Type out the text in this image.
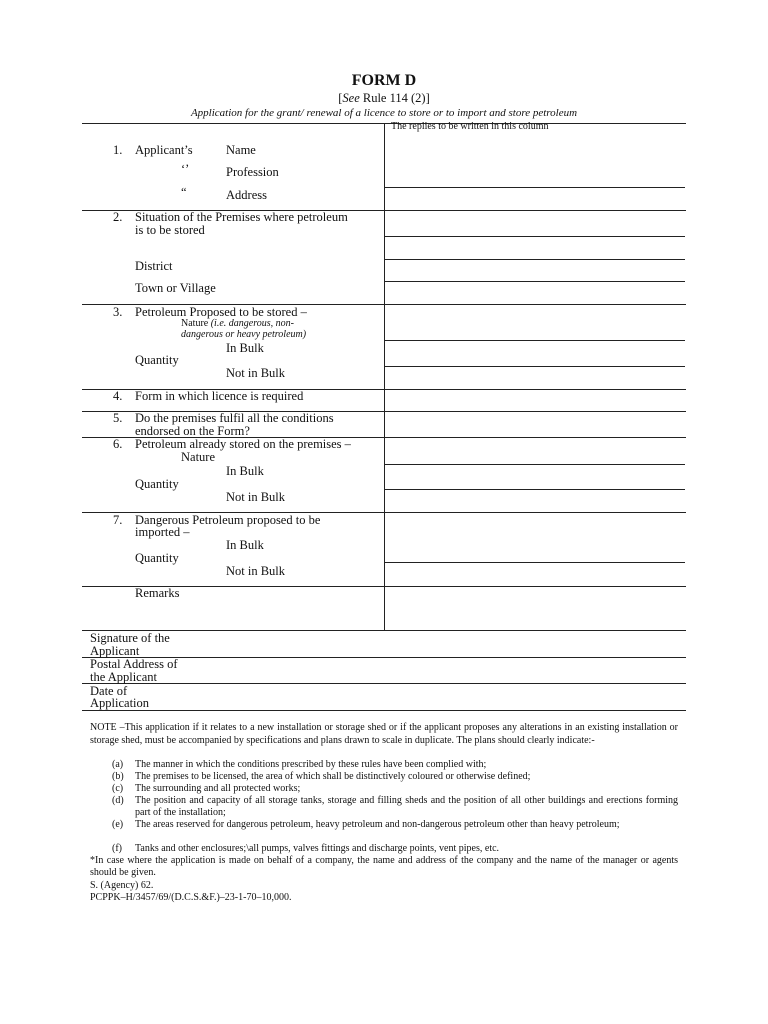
FORM D
[See Rule 114 (2)]
Application for the grant/ renewal of a licence to store or to import and store petroleum
The replies to be written in this column
1. Applicant’s	Name
‘’	Profession
“	Address
2. Situation of the Premises where petroleum
is to be stored
District
Town or Village
3. Petroleum Proposed to be stored –
Nature (i.e. dangerous, non-
dangerous or heavy petroleum)
In Bulk
Quantity
Not in Bulk
4. Form in which licence is required
5. Do the premises fulfil all the conditions
endorsed on the Form?
6. Petroleum already stored on the premises –
Nature
In Bulk
Quantity
Not in Bulk
7. Dangerous Petroleum proposed to be
imported –
In Bulk
Quantity
Not in Bulk
Remarks
Signature of the
Applicant
Postal Address of
the Applicant
Date of
Application
NOTE –This application if it relates to a new installation or storage shed or if the applicant proposes any alterations in an existing installation or storage shed, must be accompanied by specifications and plans drawn to scale in duplicate. The plans should clearly indicate:-
(a) The manner in which the conditions prescribed by these rules have been complied with;
(b) The premises to be licensed, the area of which shall be distinctively coloured or otherwise defined;
(c) The surrounding and all protected works;
(d) The position and capacity of all storage tanks, storage and filling sheds and the position of all other buildings and erections forming part of the installation;
(e) The areas reserved for dangerous petroleum, heavy petroleum and non-dangerous petroleum other than heavy petroleum;
(f) Tanks and other enclosures;\all pumps, valves fittings and discharge points, vent pipes, etc.
*In case where the application is made on behalf of a company, the name and address of the company and the name of the manager or agents should be given.
S. (Agency) 62.
PCPPK–H/3457/69/(D.C.S.&F.)–23-1-70–10,000.
